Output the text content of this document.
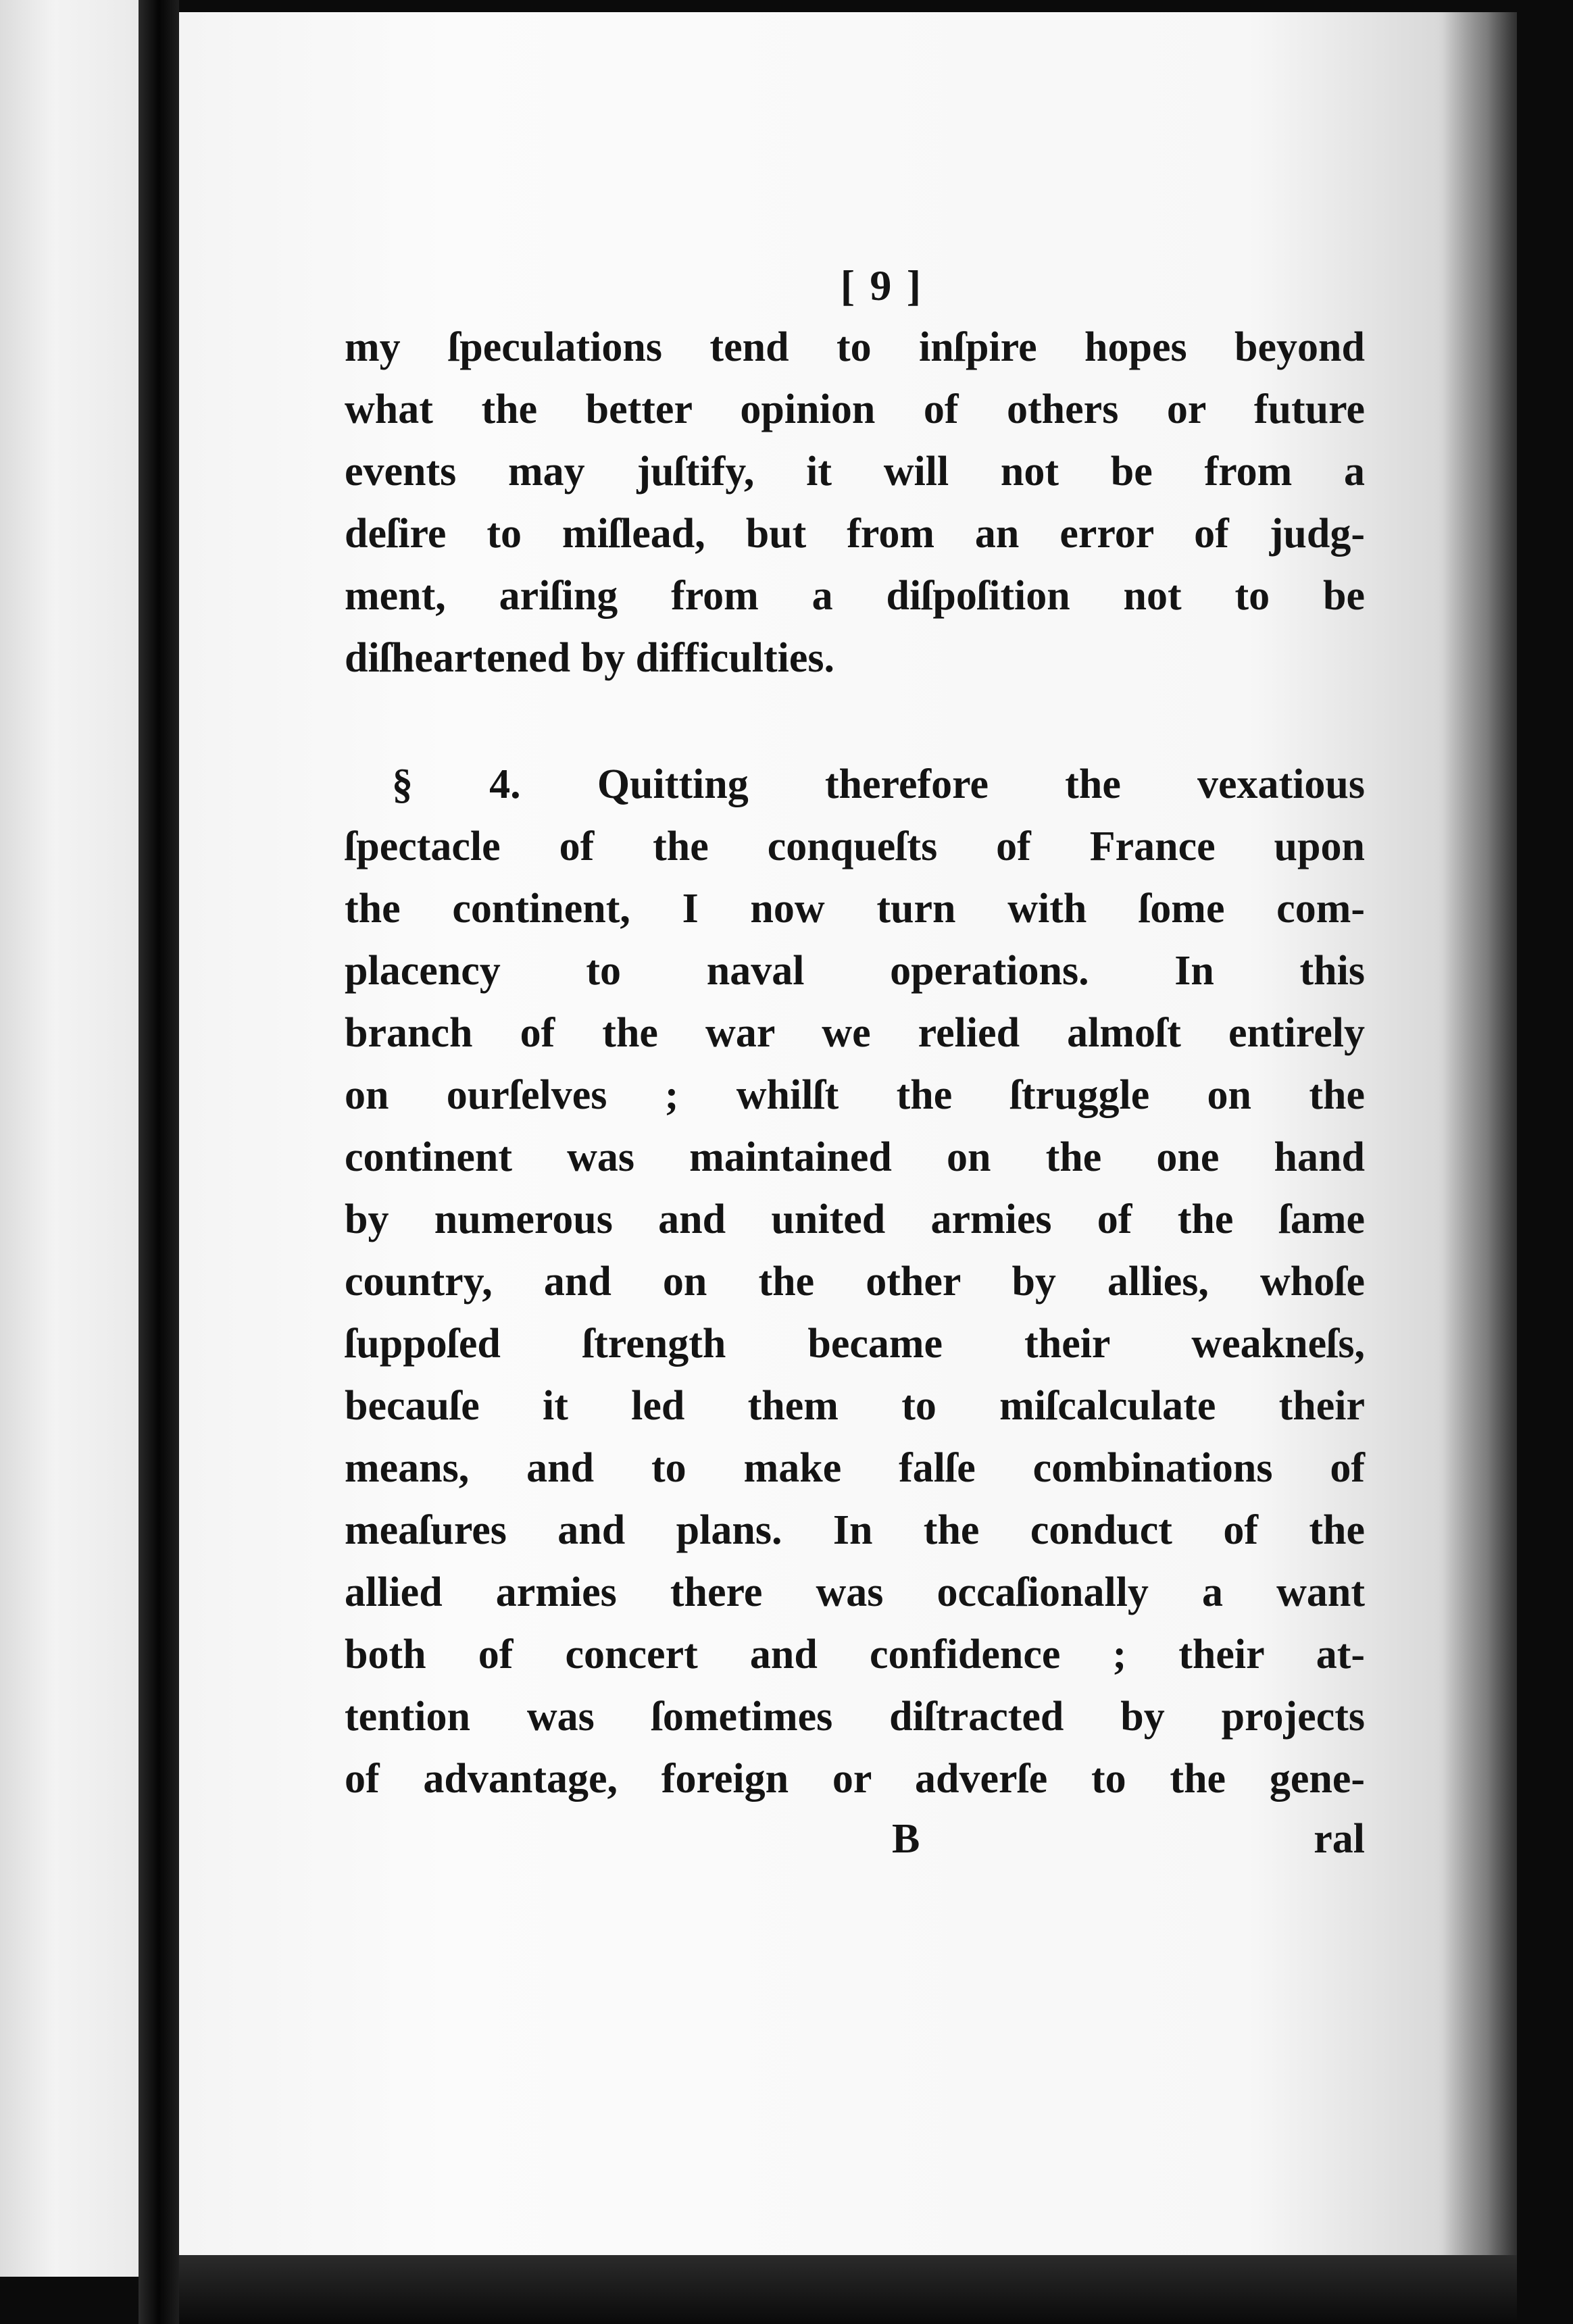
[ 9 ]
my ſpeculations tend to inſpire hopes beyond
what the better opinion of others or future
events may juſtify, it will not be from a
deſire to miſlead, but from an error of judg-
ment, ariſing from a diſpoſition not to be
diſheartened by difficulties.
§ 4. Quitting therefore the vexatious
ſpectacle of the conqueſts of France upon
the continent, I now turn with ſome com-
placency to naval operations. In this
branch of the war we relied almoſt entirely
on ourſelves ; whilſt the ſtruggle on the
continent was maintained on the one hand
by numerous and united armies of the ſame
country, and on the other by allies, whoſe
ſuppoſed ſtrength became their weakneſs,
becauſe it led them to miſcalculate their
means, and to make falſe combinations of
meaſures and plans. In the conduct of the
allied armies there was occaſionally a want
both of concert and confidence ; their at-
tention was ſometimes diſtracted by projects
of advantage, foreign or adverſe to the gene-
B	ral
